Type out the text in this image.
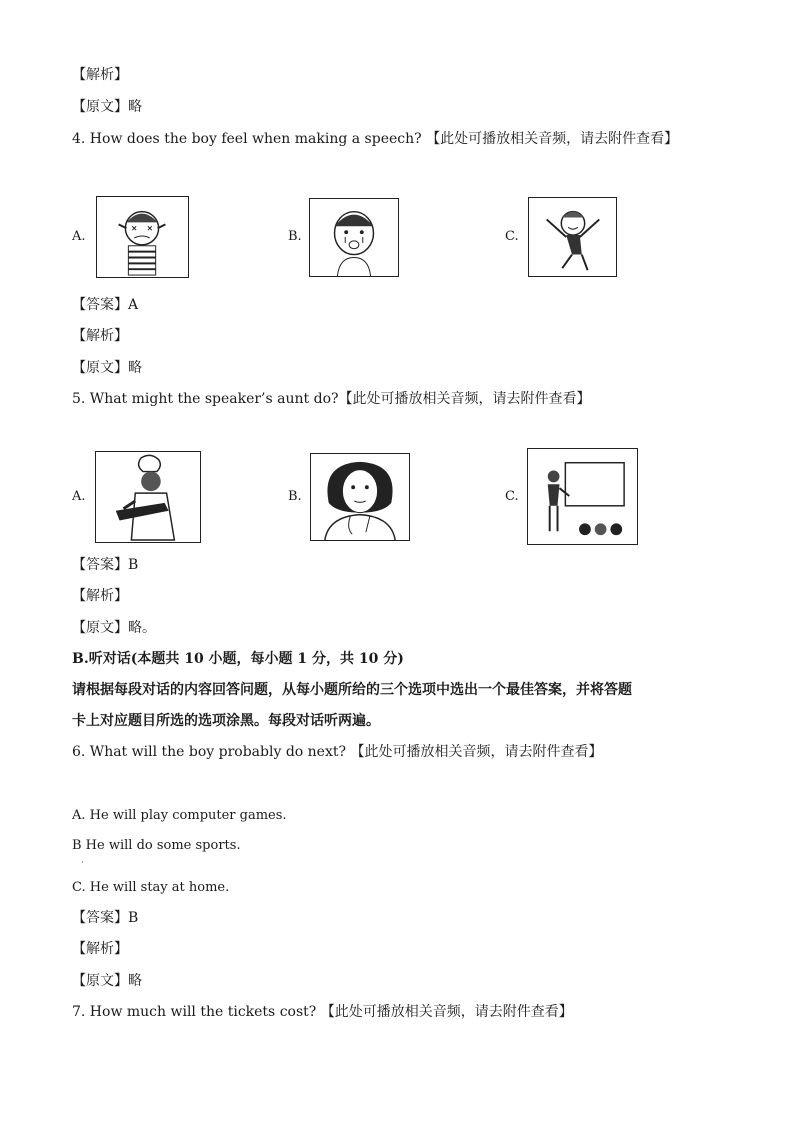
【解析】
【原文】略
4. How does the boy feel when making a speech? 【此处可播放相关音频，请去附件查看】
A.	B.	C.
【答案】A
【解析】
【原文】略
5. What might the speaker’s aunt do?【此处可播放相关音频，请去附件查看】
A.	B.	C.
【答案】B
【解析】
【原文】略。
B.听对话(本题共 10 小题，每小题 1 分，共 10 分)
请根据每段对话的内容回答问题，从每小题所给的三个选项中选出一个最佳答案，并将答题
卡上对应题目所选的选项涂黑。每段对话听两遍。
6. What will the boy probably do next? 【此处可播放相关音频，请去附件查看】
A. He will play computer games.
B He will do some sports.
·
C. He will stay at home.
【答案】B
【解析】
【原文】略
7. How much will the tickets cost? 【此处可播放相关音频，请去附件查看】
